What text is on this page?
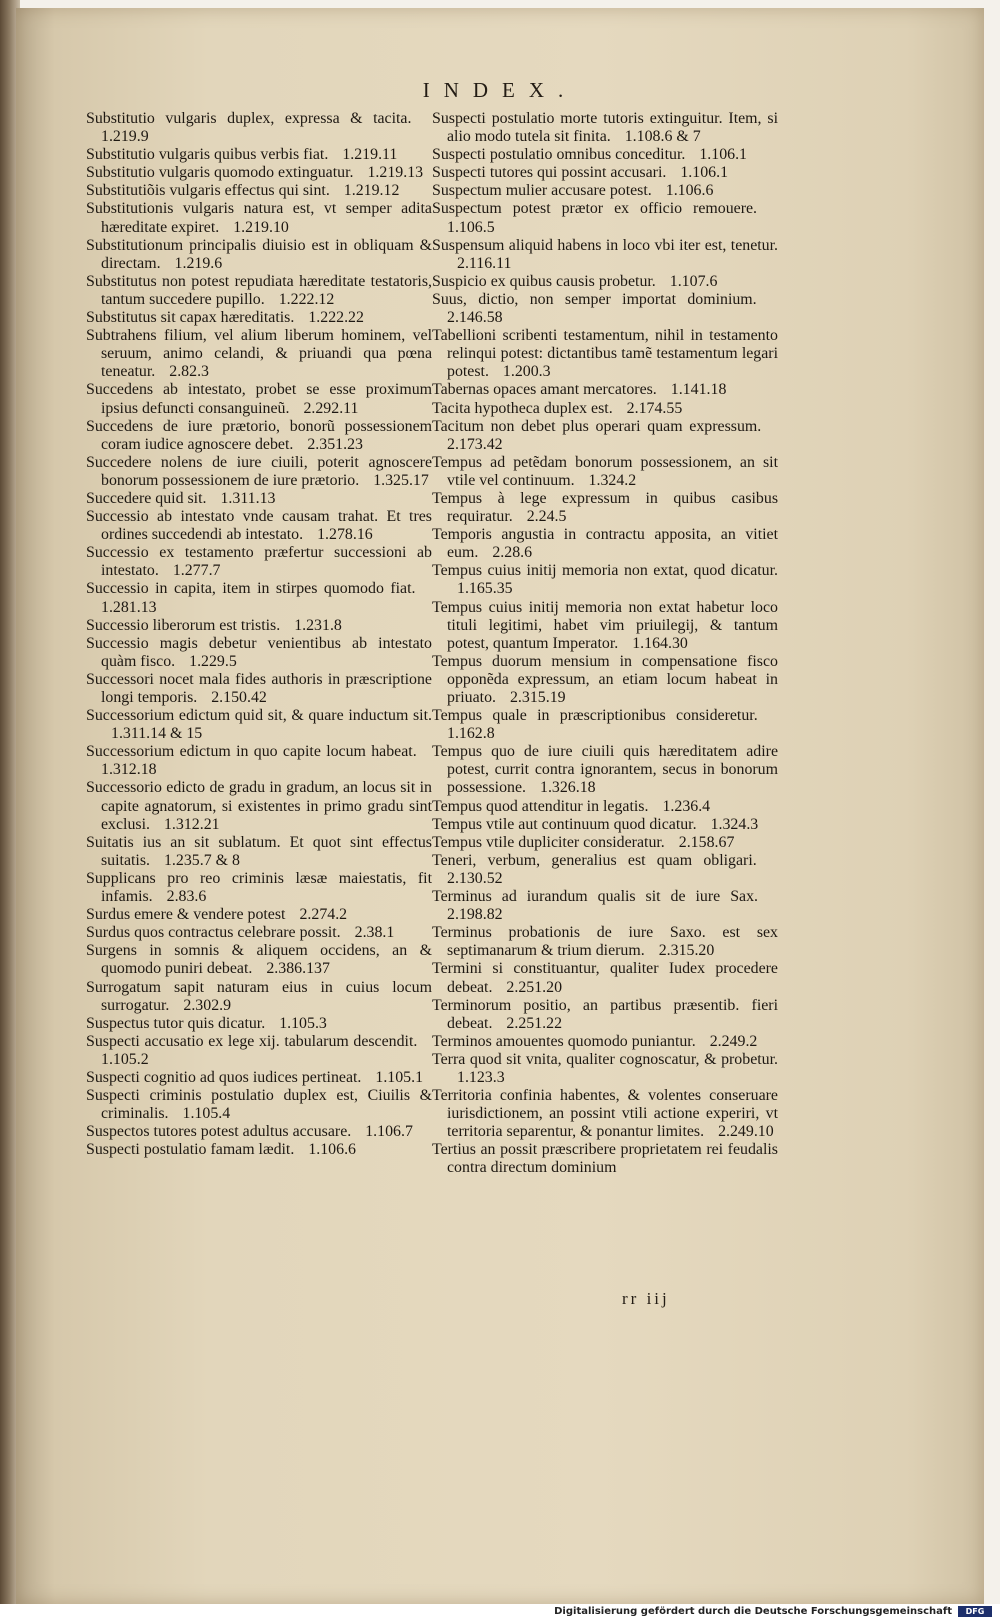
INDEX.
Substitutio vulgaris duplex, expressa & tacita. 1.219.9
Substitutio vulgaris quibus verbis fiat. 1.219.11
Substitutio vulgaris quomodo extinguatur. 1.219.13
Substitutiõis vulgaris effectus qui sint. 1.219.12
Substitutionis vulgaris natura est, vt semper adita hæreditate expiret. 1.219.10
Substitutionum principalis diuisio est in obliquam & directam. 1.219.6
Substitutus non potest repudiata hæreditate testatoris, tantum succedere pupillo. 1.222.12
Substitutus sit capax hæreditatis. 1.222.22
Subtrahens filium, vel alium liberum hominem, vel seruum, animo celandi, & priuandi qua pœna teneatur. 2.82.3
Succedens ab intestato, probet se esse proximum ipsius defuncti consanguineũ. 2.292.11
Succedens de iure prætorio, bonorũ possessionem coram iudice agnoscere debet. 2.351.23
Succedere nolens de iure ciuili, poterit agnoscere bonorum possessionem de iure prætorio. 1.325.17
Succedere quid sit. 1.311.13
Successio ab intestato vnde causam trahat. Et tres ordines succedendi ab intestato. 1.278.16
Successio ex testamento præfertur successioni ab intestato. 1.277.7
Successio in capita, item in stirpes quomodo fiat. 1.281.13
Successio liberorum est tristis. 1.231.8
Successio magis debetur venientibus ab intestato quàm fisco. 1.229.5
Successori nocet mala fides authoris in præscriptione longi temporis. 2.150.42
Successorium edictum quid sit, & quare inductum sit. 1.311.14 & 15
Successorium edictum in quo capite locum habeat. 1.312.18
Successorio edicto de gradu in gradum, an locus sit in capite agnatorum, si existentes in primo gradu sint exclusi. 1.312.21
Suitatis ius an sit sublatum. Et quot sint effectus suitatis. 1.235.7 & 8
Supplicans pro reo criminis læsæ maiestatis, fit infamis. 2.83.6
Surdus emere & vendere potest 2.274.2
Surdus quos contractus celebrare possit. 2.38.1
Surgens in somnis & aliquem occidens, an & quomodo puniri debeat. 2.386.137
Surrogatum sapit naturam eius in cuius locum surrogatur. 2.302.9
Suspectus tutor quis dicatur. 1.105.3
Suspecti accusatio ex lege xij. tabularum descendit. 1.105.2
Suspecti cognitio ad quos iudices pertineat. 1.105.1
Suspecti criminis postulatio duplex est, Ciuilis & criminalis. 1.105.4
Suspectos tutores potest adultus accusare. 1.106.7
Suspecti postulatio famam lædit. 1.106.6
Suspecti postulatio morte tutoris extinguitur. Item, si alio modo tutela sit finita. 1.108.6 & 7
Suspecti postulatio omnibus conceditur. 1.106.1
Suspecti tutores qui possint accusari. 1.106.1
Suspectum mulier accusare potest. 1.106.6
Suspectum potest prætor ex officio remouere. 1.106.5
Suspensum aliquid habens in loco vbi iter est, tenetur. 2.116.11
Suspicio ex quibus causis probetur. 1.107.6
Suus, dictio, non semper importat dominium. 2.146.58
Tabellioni scribenti testamentum, nihil in testamento relinqui potest: dictantibus tamẽ testamentum legari potest. 1.200.3
Tabernas opaces amant mercatores. 1.141.18
Tacita hypotheca duplex est. 2.174.55
Tacitum non debet plus operari quam expressum. 2.173.42
Tempus ad petẽdam bonorum possessionem, an sit vtile vel continuum. 1.324.2
Tempus à lege expressum in quibus casibus requiratur. 2.24.5
Temporis angustia in contractu apposita, an vitiet eum. 2.28.6
Tempus cuius initij memoria non extat, quod dicatur. 1.165.35
Tempus cuius initij memoria non extat habetur loco tituli legitimi, habet vim priuilegij, & tantum potest, quantum Imperator. 1.164.30
Tempus duorum mensium in compensatione fisco opponẽda expressum, an etiam locum habeat in priuato. 2.315.19
Tempus quale in præscriptionibus consideretur. 1.162.8
Tempus quo de iure ciuili quis hæreditatem adire potest, currit contra ignorantem, secus in bonorum possessione. 1.326.18
Tempus quod attenditur in legatis. 1.236.4
Tempus vtile aut continuum quod dicatur. 1.324.3
Tempus vtile dupliciter consideratur. 2.158.67
Teneri, verbum, generalius est quam obligari. 2.130.52
Terminus ad iurandum qualis sit de iure Sax. 2.198.82
Terminus probationis de iure Saxo. est sex septimanarum & trium dierum. 2.315.20
Termini si constituantur, qualiter Iudex procedere debeat. 2.251.20
Terminorum positio, an partibus præsentib. fieri debeat. 2.251.22
Terminos amouentes quomodo puniantur. 2.249.2
Terra quod sit vnita, qualiter cognoscatur, & probetur. 1.123.3
Territoria confinia habentes, & volentes conseruare iurisdictionem, an possint vtili actione experiri, vt territoria separentur, & ponantur limites. 2.249.10
Tertius an possit præscribere proprietatem rei feudalis contra directum dominium
rr iij
Digitalisierung gefördert durch die Deutsche Forschungsgemeinschaft	DFG
